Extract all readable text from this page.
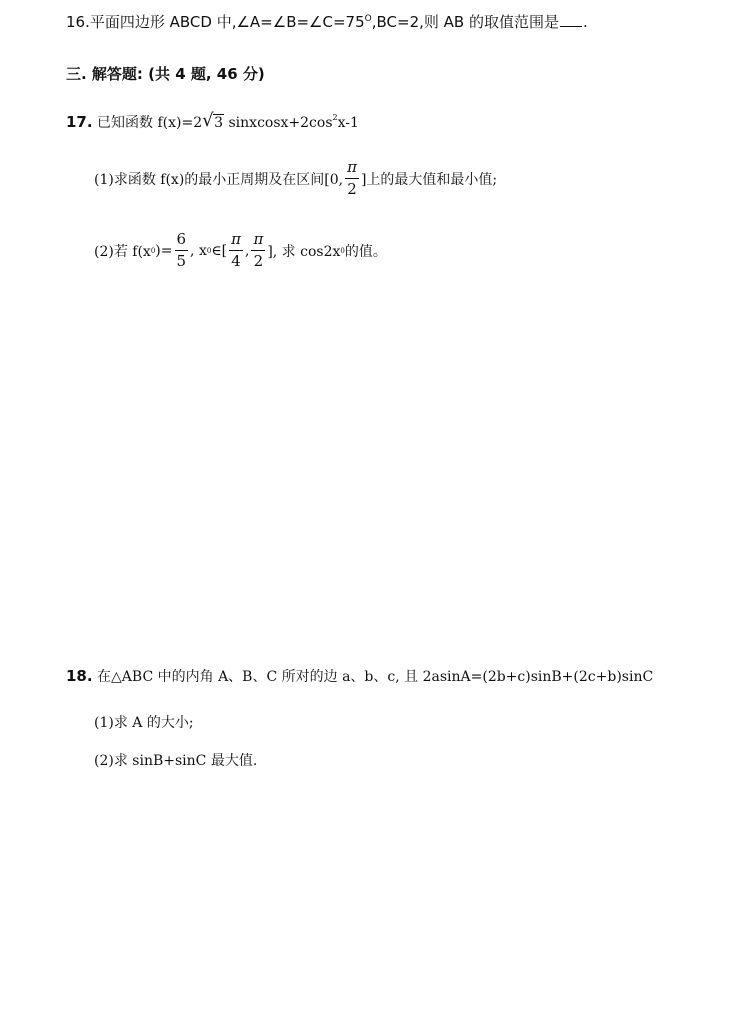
16.平面四边形 ABCD 中$,\angle A=\angle B=\angle C=75^O,BC=2$,则 AB 的取值范围是 .
三. 解答题: (共 4 题, 46 分)
17. 已知函数 f(x)=2 √ 3 $sinxcosx+2\cos^2x-1$
(1)求函数 f(x)的最小正周期及在区间[0, $\frac{\pi}{2}$ ]上的最大值和最小值;
(2)若 f(x 0 )= $\frac{6}{5}$ , x 0 ∈[ $\frac{\pi}{4}$ , $\frac{\pi}{2}$ ], 求 cos2x 0 的值。
18. 在△ABC 中的内角 A、B、C 所对的边 a、b、c, 且 2asinA=(2b+c)sinB+(2c+b)sinC
(1)求 A 的大小;
(2)求 sinB+sinC 最大值.
